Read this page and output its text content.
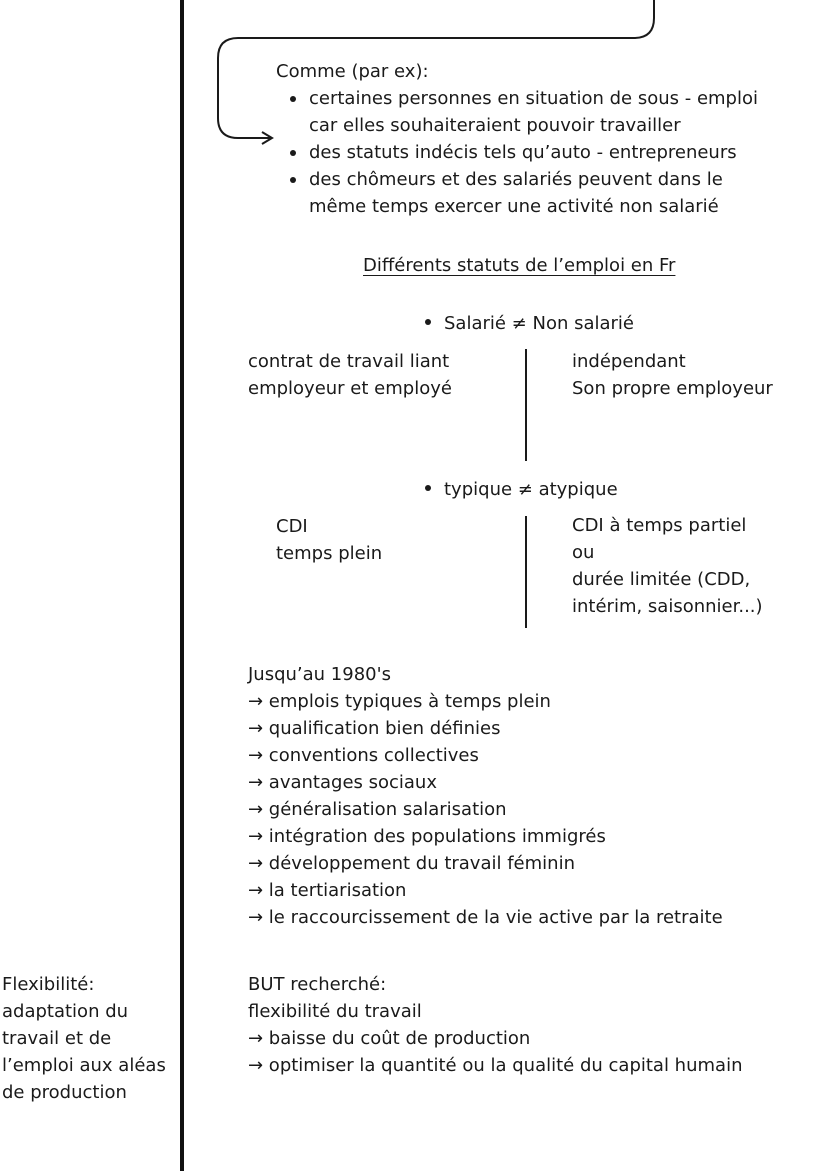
Comme (par ex):
certaines personnes en situation de sous - emploi
car elles souhaiteraient pouvoir travailler
des statuts indécis tels qu’auto - entrepreneurs
des chômeurs et des salariés peuvent dans le
même temps exercer une activité non salarié
Différents statuts de l’emploi en Fr
Salarié ≠ Non salarié
contrat de travail liant
employeur et employé
indépendant
Son propre employeur
typique ≠ atypique
CDI
temps plein
CDI à temps partiel
ou
durée limitée (CDD,
intérim, saisonnier...)
Jusqu’au 1980's
→ emplois typiques à temps plein
→ qualification bien définies
→ conventions collectives
→ avantages sociaux
→ généralisation salarisation
→ intégration des populations immigrés
→ développement du travail féminin
→ la tertiarisation
→ le raccourcissement de la vie active par la retraite
BUT recherché:
flexibilité du travail
→ baisse du coût de production
→ optimiser la quantité ou la qualité du capital humain
Flexibilité:
adaptation du
travail et de
l’emploi aux aléas
de production
